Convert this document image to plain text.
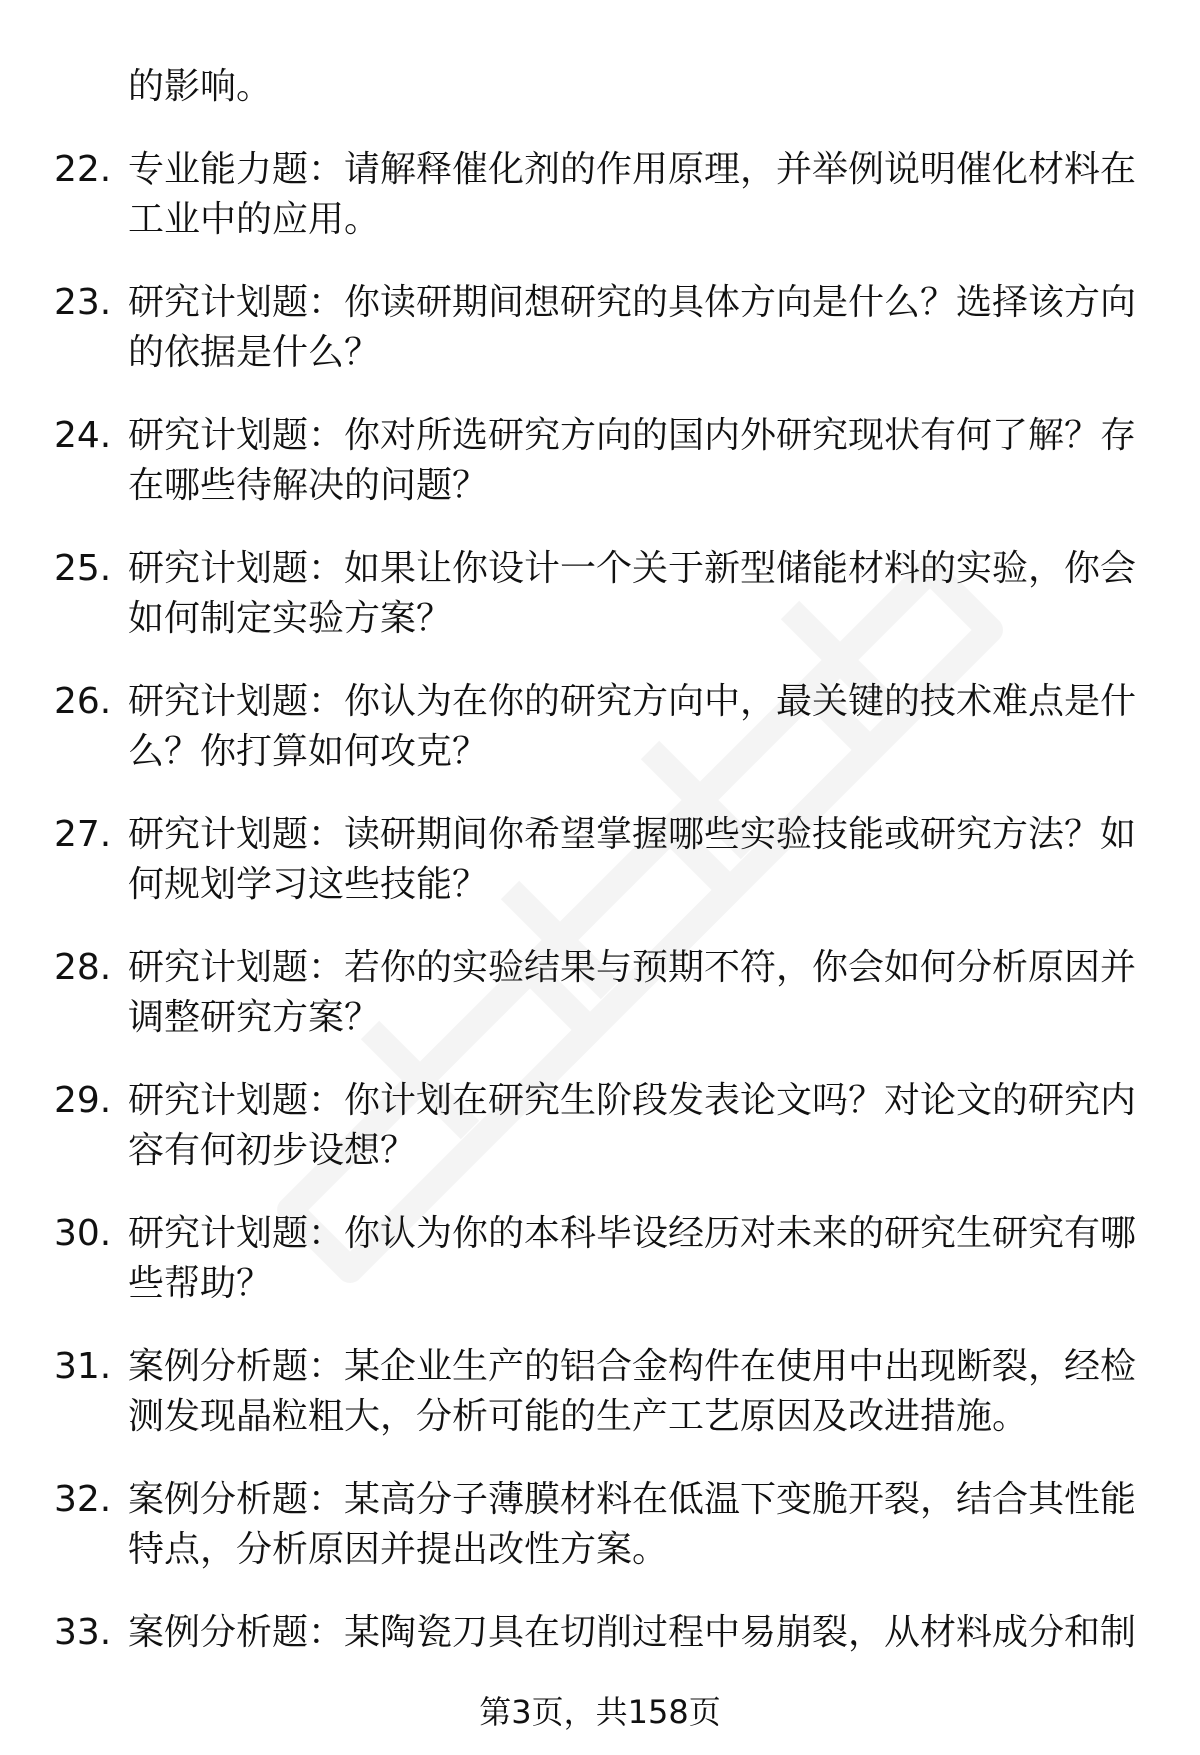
的影响。
22. 专业能力题：请解释催化剂的作用原理，并举例说明催化材料在
工业中的应用。
23. 研究计划题：你读研期间想研究的具体方向是什么？选择该方向
的依据是什么？
24. 研究计划题：你对所选研究方向的国内外研究现状有何了解？存
在哪些待解决的问题？
25. 研究计划题：如果让你设计一个关于新型储能材料的实验，你会
如何制定实验方案？
26. 研究计划题：你认为在你的研究方向中，最关键的技术难点是什
么？你打算如何攻克？
27. 研究计划题：读研期间你希望掌握哪些实验技能或研究方法？如
何规划学习这些技能？
28. 研究计划题：若你的实验结果与预期不符，你会如何分析原因并
调整研究方案？
29. 研究计划题：你计划在研究生阶段发表论文吗？对论文的研究内
容有何初步设想？
30. 研究计划题：你认为你的本科毕设经历对未来的研究生研究有哪
些帮助？
31. 案例分析题：某企业生产的铝合金构件在使用中出现断裂，经检
测发现晶粒粗大，分析可能的生产工艺原因及改进措施。
32. 案例分析题：某高分子薄膜材料在低温下变脆开裂，结合其性能
特点，分析原因并提出改性方案。
33. 案例分析题：某陶瓷刀具在切削过程中易崩裂，从材料成分和制
第3页，共158页
